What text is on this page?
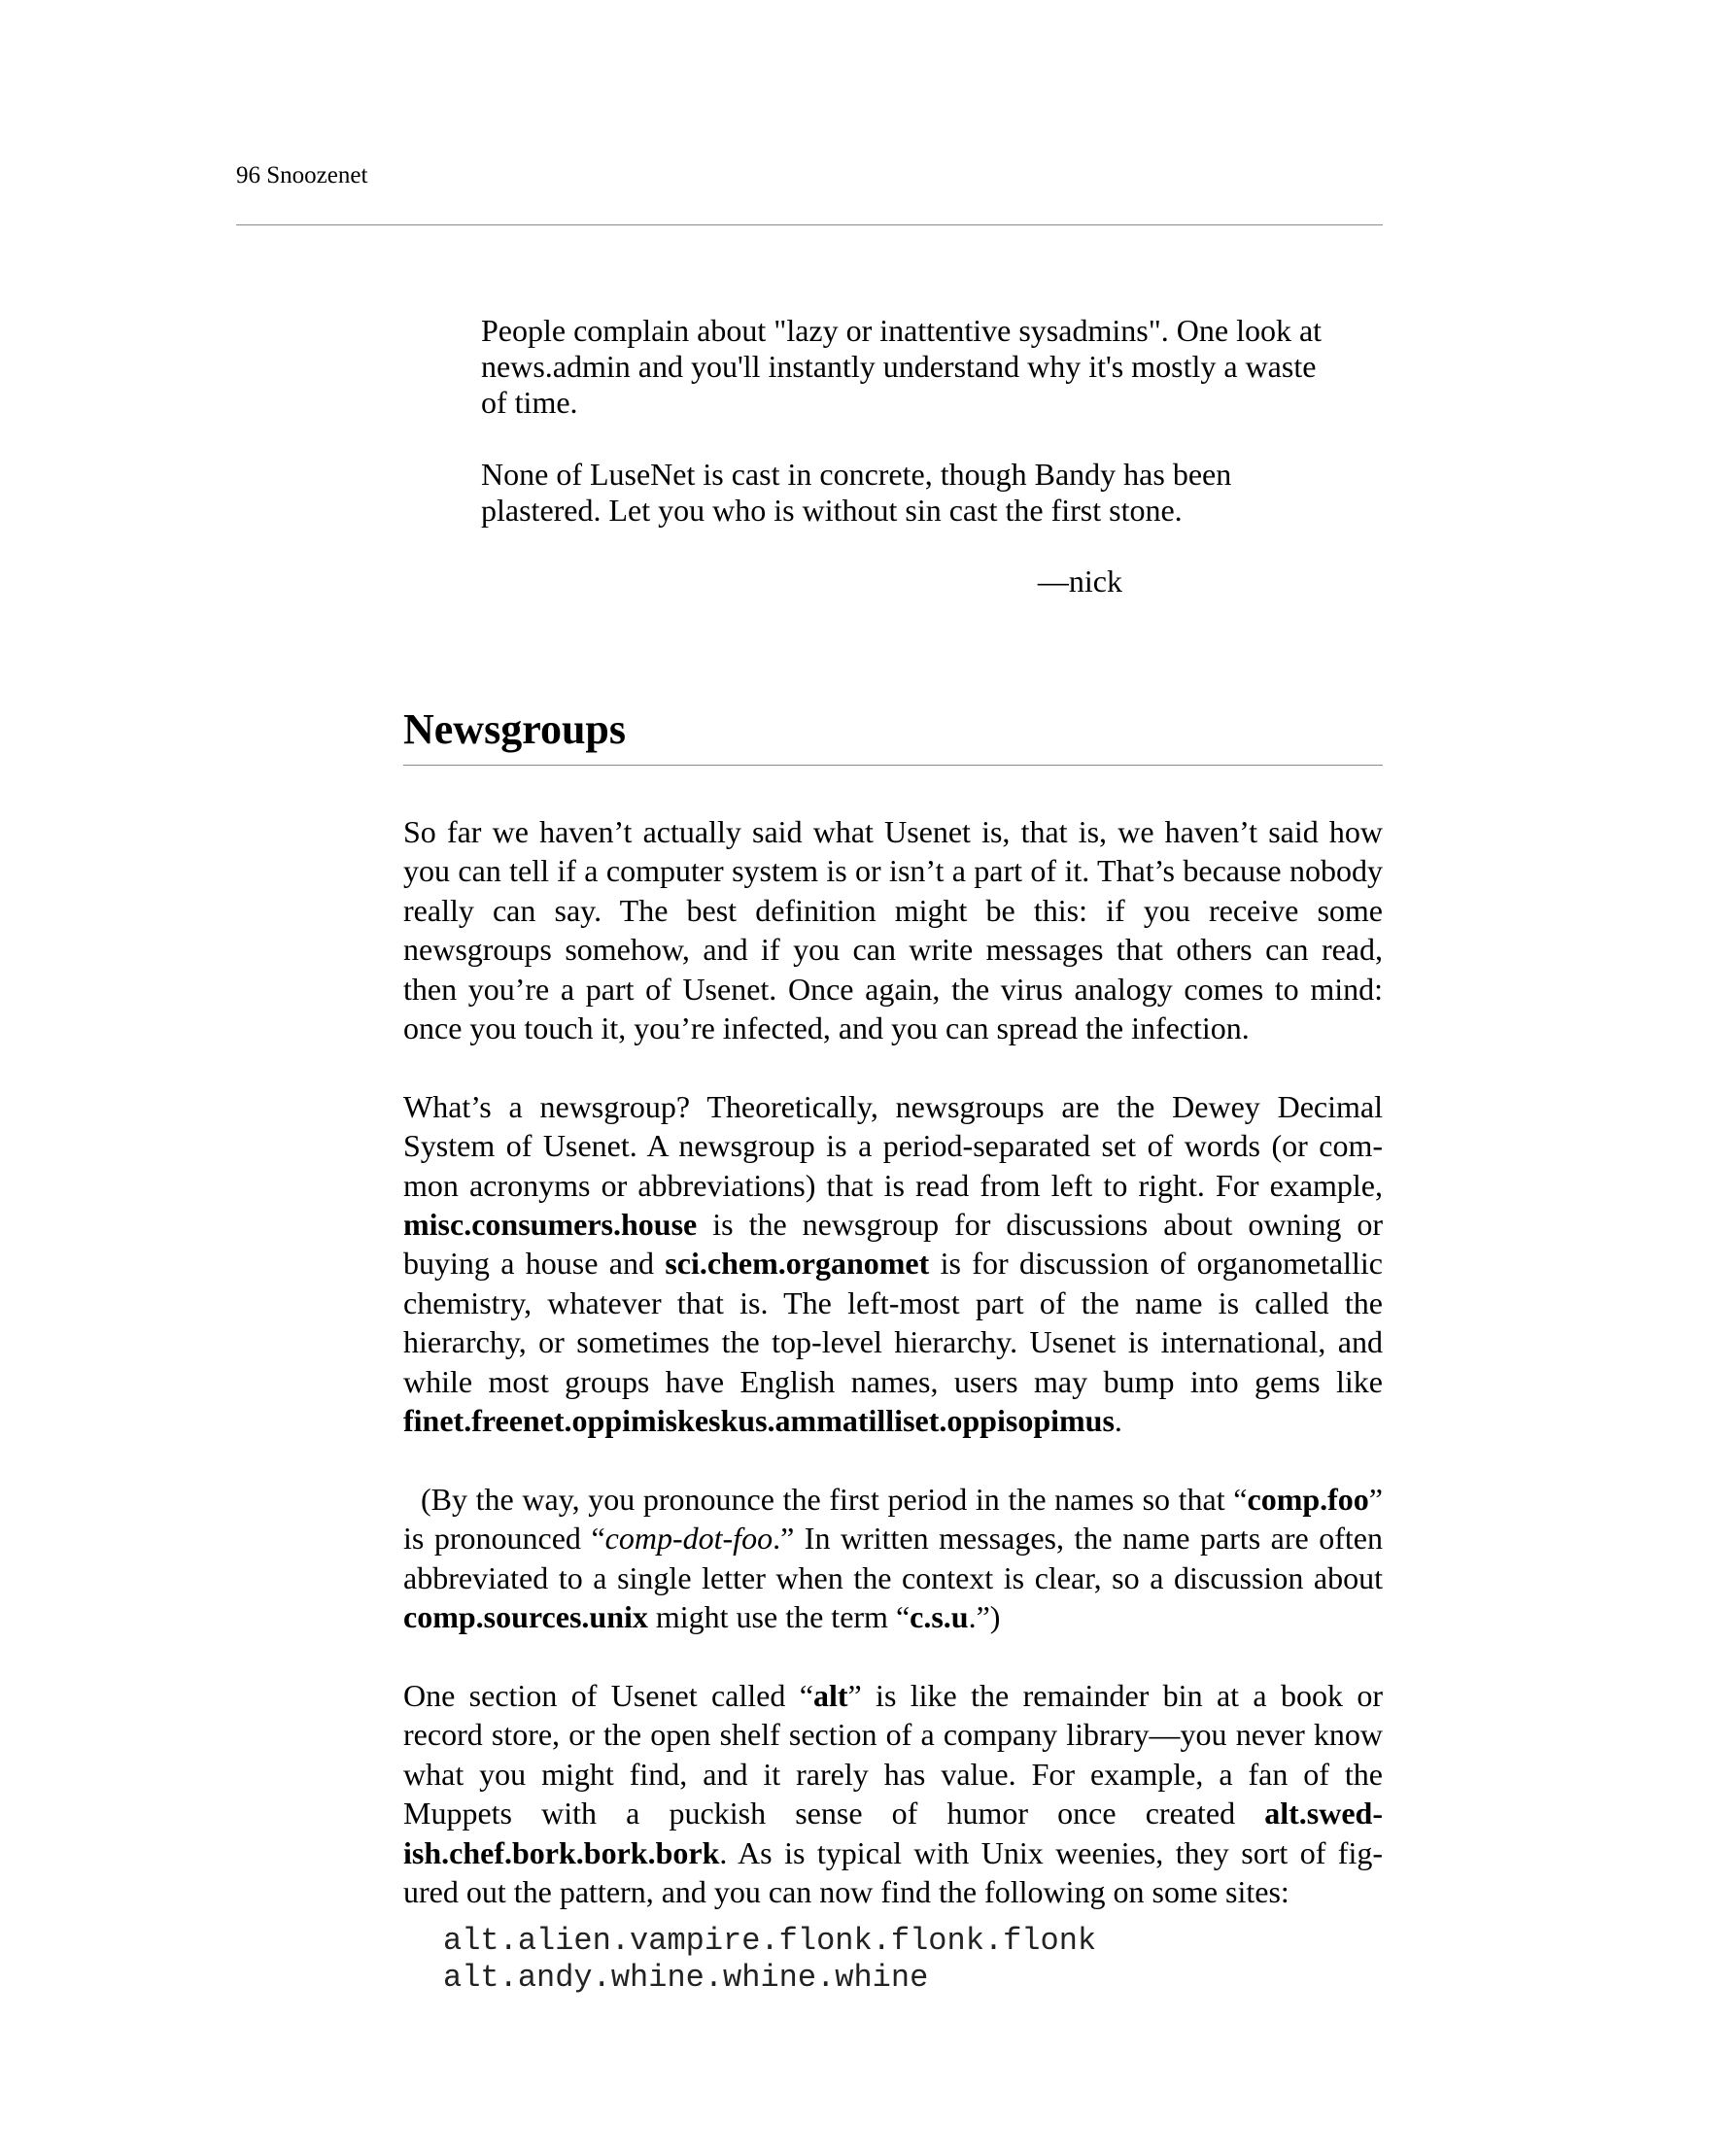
96 Snoozenet

People complain about "lazy or inattentive sysadmins". One look at news.admin and you'll instantly understand why it's mostly a waste of time.

None of LuseNet is cast in concrete, though Bandy has been plastered. Let you who is without sin cast the first stone.

—nick
Newsgroups

So far we haven’t actually said what Usenet is, that is, we haven’t said how you can tell if a computer system is or isn’t a part of it. That’s because nobody really can say. The best definition might be this: if you receive some newsgroups somehow, and if you can write messages that others can read, then you’re a part of Usenet. Once again, the virus analogy comes to mind: once you touch it, you’re infected, and you can spread the infection.

What’s a newsgroup? Theoretically, newsgroups are the Dewey Decimal System of Usenet. A newsgroup is a period-separated set of words (or common acronyms or abbreviations) that is read from left to right. For example, misc.consumers.house is the newsgroup for discussions about owning or buying a house and sci.chem.organomet is for discussion of organometallic chemistry, whatever that is. The left-most part of the name is called the hierarchy, or sometimes the top-level hierarchy. Usenet is international, and while most groups have English names, users may bump into gems like finet.freenet.oppimiskeskus.ammatilliset.oppisopimus.

(By the way, you pronounce the first period in the names so that “comp.foo” is pronounced “comp-dot-foo.” In written messages, the name parts are often abbreviated to a single letter when the context is clear, so a discussion about comp.sources.unix might use the term “c.s.u.”)

One section of Usenet called “alt” is like the remainder bin at a book or record store, or the open shelf section of a company library—you never know what you might find, and it rarely has value. For example, a fan of the Muppets with a puckish sense of humor once created alt.swedish.chef.bork.bork.bork. As is typical with Unix weenies, they sort of figured out the pattern, and you can now find the following on some sites:

alt.alien.vampire.flonk.flonk.flonk
alt.andy.whine.whine.whine
